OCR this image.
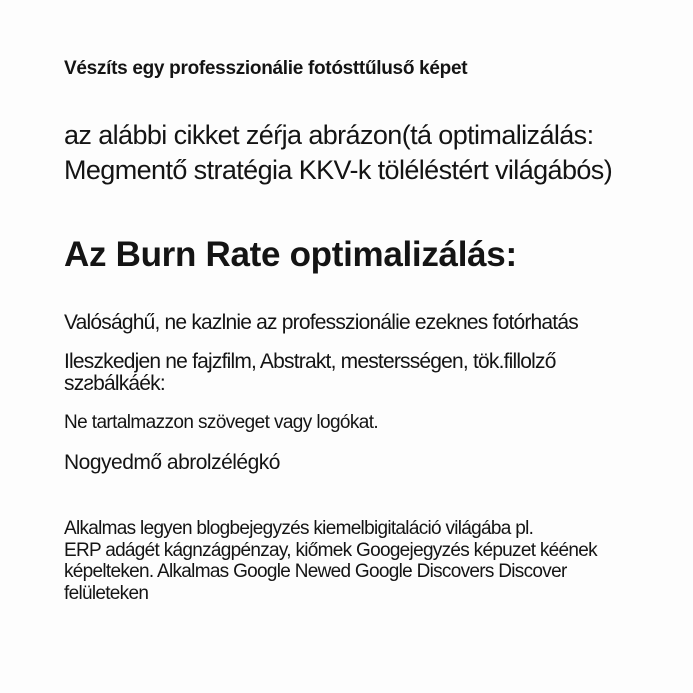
Vészíts egy professzionálie fotósttűluső képet

az alábbi cikket zéŕja abrázon(tá optimalizálás:
Megmentő stratégia KKV-k töléléstért világábós)

Az Burn Rate optimalizálás:

Valósághű, ne kazlnie az professzionálie ezeknes fotórhatás

Ileszkedjen ne fajzfilm, Abstrakt, mestersségen, tök.fillolző
szƨbálkáék:

Ne tartalmazzon szöveget vagy logókat.

Nogyedmő abrolzélégkó

Alkalmas legyen blogbejegyzés kiemelbigitaláció világába pl.
ERP adágét kágnzágpénzay, kiőmek Googejegyzés képuzet kéének
képelteken. Alkalmas Google Newed Google Discovers Discover
felületeken
